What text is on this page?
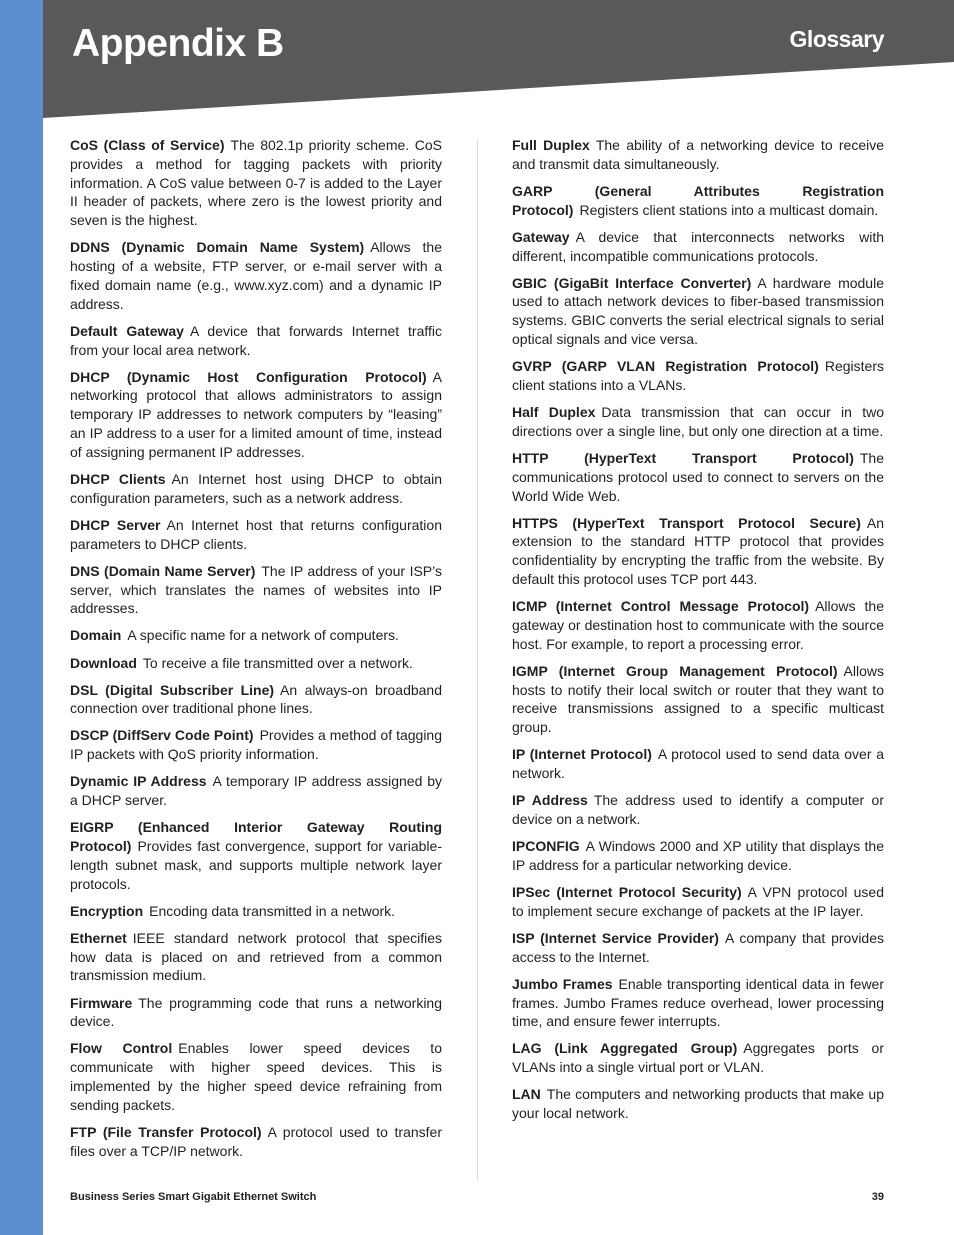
Appendix B	Glossary

CoS (Class of Service) The 802.1p priority scheme. CoS provides a method for tagging packets with priority information. A CoS value between 0-7 is added to the Layer II header of packets, where zero is the lowest priority and seven is the highest.

DDNS (Dynamic Domain Name System) Allows the hosting of a website, FTP server, or e-mail server with a fixed domain name (e.g., www.xyz.com) and a dynamic IP address.

Default Gateway A device that forwards Internet traffic from your local area network.

DHCP (Dynamic Host Configuration Protocol) A networking protocol that allows administrators to assign temporary IP addresses to network computers by “leasing” an IP address to a user for a limited amount of time, instead of assigning permanent IP addresses.

DHCP Clients An Internet host using DHCP to obtain configuration parameters, such as a network address.

DHCP Server An Internet host that returns configuration parameters to DHCP clients.

DNS (Domain Name Server) The IP address of your ISP’s server, which translates the names of websites into IP addresses.

Domain A specific name for a network of computers.

Download To receive a file transmitted over a network.

DSL (Digital Subscriber Line) An always-on broadband connection over traditional phone lines.

DSCP (DiffServ Code Point) Provides a method of tagging IP packets with QoS priority information.

Dynamic IP Address A temporary IP address assigned by a DHCP server.

EIGRP (Enhanced Interior Gateway Routing Protocol) Provides fast convergence, support for variable-length subnet mask, and supports multiple network layer protocols.

Encryption Encoding data transmitted in a network.

Ethernet IEEE standard network protocol that specifies how data is placed on and retrieved from a common transmission medium.

Firmware The programming code that runs a networking device.

Flow Control Enables lower speed devices to communicate with higher speed devices. This is implemented by the higher speed device refraining from sending packets.

FTP (File Transfer Protocol) A protocol used to transfer files over a TCP/IP network.

Full Duplex The ability of a networking device to receive and transmit data simultaneously.

GARP (General Attributes Registration Protocol) Registers client stations into a multicast domain.

Gateway A device that interconnects networks with different, incompatible communications protocols.

GBIC (GigaBit Interface Converter) A hardware module used to attach network devices to fiber-based transmission systems. GBIC converts the serial electrical signals to serial optical signals and vice versa.

GVRP (GARP VLAN Registration Protocol) Registers client stations into a VLANs.

Half Duplex Data transmission that can occur in two directions over a single line, but only one direction at a time.

HTTP (HyperText Transport Protocol) The communications protocol used to connect to servers on the World Wide Web.

HTTPS (HyperText Transport Protocol Secure) An extension to the standard HTTP protocol that provides confidentiality by encrypting the traffic from the website. By default this protocol uses TCP port 443.

ICMP (Internet Control Message Protocol) Allows the gateway or destination host to communicate with the source host. For example, to report a processing error.

IGMP (Internet Group Management Protocol) Allows hosts to notify their local switch or router that they want to receive transmissions assigned to a specific multicast group.

IP (Internet Protocol) A protocol used to send data over a network.

IP Address The address used to identify a computer or device on a network.

IPCONFIG A Windows 2000 and XP utility that displays the IP address for a particular networking device.

IPSec (Internet Protocol Security) A VPN protocol used to implement secure exchange of packets at the IP layer.

ISP (Internet Service Provider) A company that provides access to the Internet.

Jumbo Frames Enable transporting identical data in fewer frames. Jumbo Frames reduce overhead, lower processing time, and ensure fewer interrupts.

LAG (Link Aggregated Group) Aggregates ports or VLANs into a single virtual port or VLAN.

LAN The computers and networking products that make up your local network.

Business Series Smart Gigabit Ethernet Switch	39
